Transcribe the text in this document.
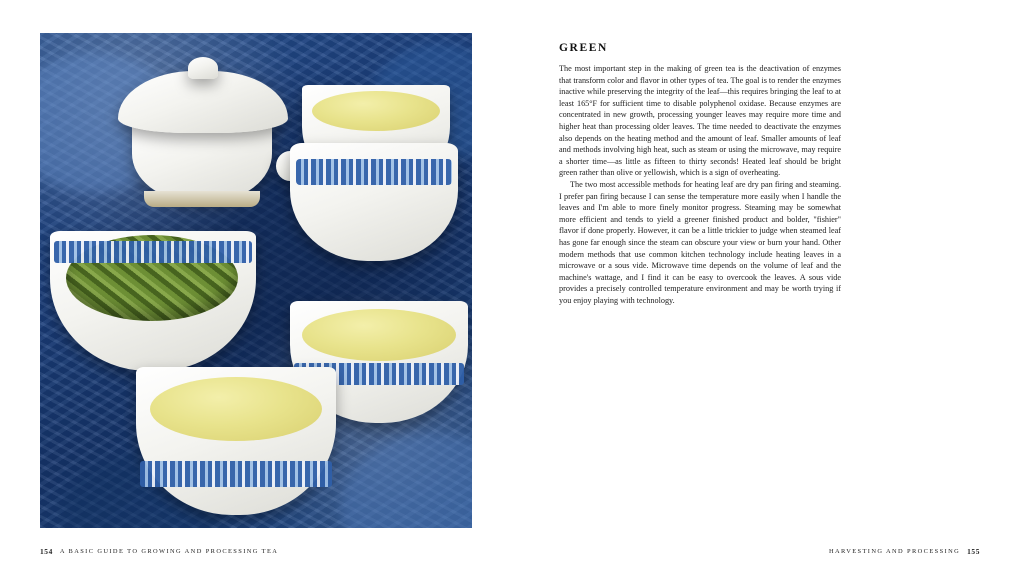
154 A BASIC GUIDE TO GROWING AND PROCESSING TEA
GREEN

The most important step in the making of green tea is the deactivation of enzymes that transform color and flavor in other types of tea. The goal is to render the enzymes inactive while preserving the integrity of the leaf—this requires bringing the leaf to at least 165°F for sufficient time to disable polyphenol oxidase. Because enzymes are concentrated in new growth, processing younger leaves may require more time and higher heat than processing older leaves. The time needed to deactivate the enzymes also depends on the heating method and the amount of leaf. Smaller amounts of leaf and methods involving high heat, such as steam or using the microwave, may require a shorter time—as little as fifteen to thirty seconds! Heated leaf should be bright green rather than olive or yellowish, which is a sign of overheating.

The two most accessible methods for heating leaf are dry pan firing and steaming. I prefer pan firing because I can sense the temperature more easily when I handle the leaves and I'm able to more finely monitor progress. Steaming may be somewhat more efficient and tends to yield a greener finished product and bolder, "fishier" flavor if done properly. However, it can be a little trickier to judge when steamed leaf has gone far enough since the steam can obscure your view or burn your hand. Other modern methods that use common kitchen technology include heating leaves in a microwave or a sous vide. Microwave time depends on the volume of leaf and the machine's wattage, and I find it can be easy to overcook the leaves. A sous vide provides a precisely controlled temperature environment and may be worth trying if you enjoy playing with technology.

HARVESTING AND PROCESSING 155
